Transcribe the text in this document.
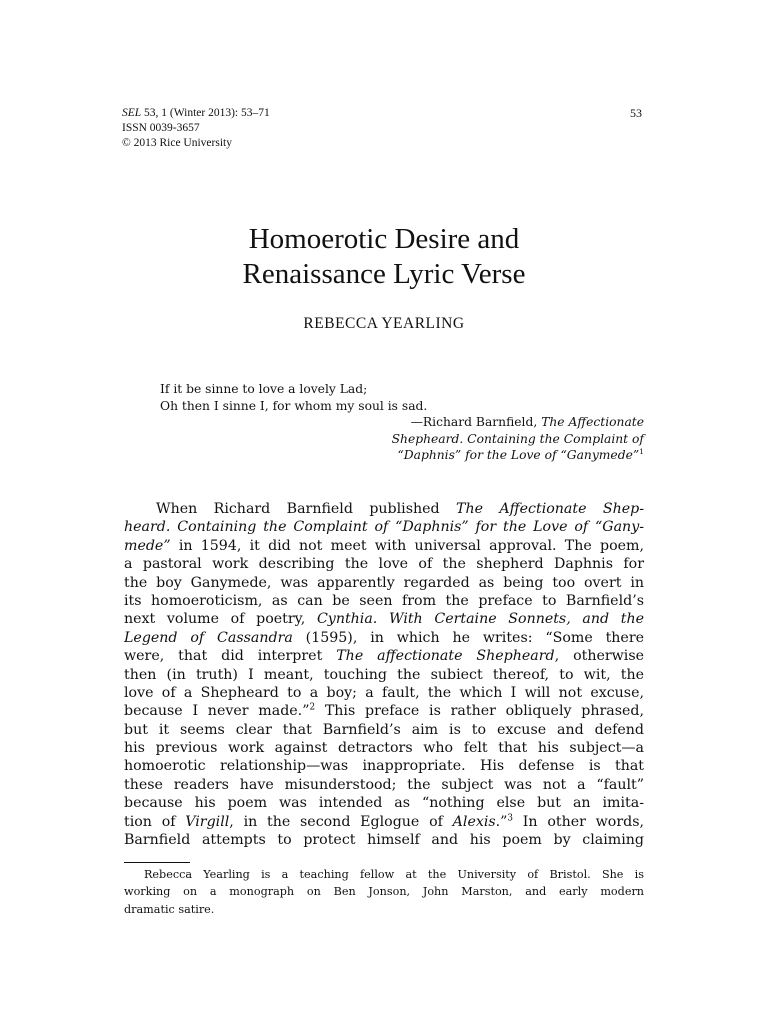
SEL 53, 1 (Winter 2013): 53–71
ISSN 0039-3657
© 2013 Rice University
53
Homoerotic Desire and
Renaissance Lyric Verse
REBECCA YEARLING
If it be sinne to love a lovely Lad;
Oh then I sinne I, for whom my soul is sad.
—Richard Barnfield, The Affectionate
Shepheard. Containing the Complaint of
“Daphnis” for the Love of “Ganymede”$^1$
When Richard Barnfield published The Affectionate Shep-
heard. Containing the Complaint of “Daphnis” for the Love of “Gany-
mede” in 1594, it did not meet with universal approval. The poem,
a pastoral work describing the love of the shepherd Daphnis for
the boy Ganymede, was apparently regarded as being too overt in
its homoeroticism, as can be seen from the preface to Barnfield’s
next volume of poetry, Cynthia. With Certaine Sonnets, and the
Legend of Cassandra (1595), in which he writes: “Some there
were, that did interpret The affectionate Shepheard, otherwise
then (in truth) I meant, touching the subiect thereof, to wit, the
love of a Shepheard to a boy; a fault, the which I will not excuse,
because I never made.”$^2$ This preface is rather obliquely phrased,
but it seems clear that Barnfield’s aim is to excuse and defend
his previous work against detractors who felt that his subject—a
homoerotic relationship—was inappropriate. His defense is that
these readers have misunderstood; the subject was not a “fault”
because his poem was intended as “nothing else but an imita-
tion of Virgill, in the second Eglogue of Alexis.”$^3$ In other words,
Barnfield attempts to protect himself and his poem by claiming
Rebecca Yearling is a teaching fellow at the University of Bristol. She is
working on a monograph on Ben Jonson, John Marston, and early modern
dramatic satire.
